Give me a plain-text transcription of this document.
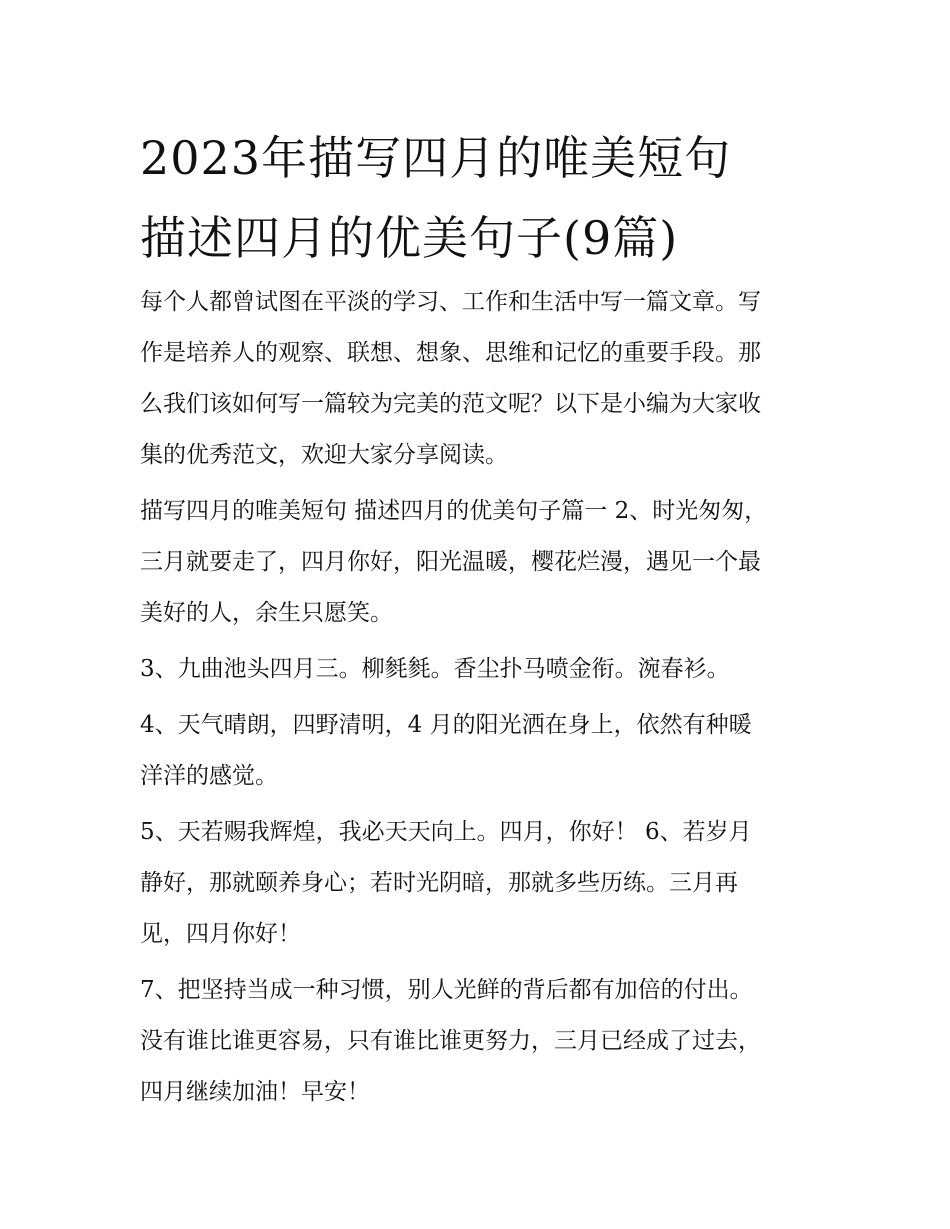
2023年描写四月的唯美短句
描述四月的优美句子(9篇)

每个人都曾试图在平淡的学习、工作和生活中写一篇文章。写
作是培养人的观察、联想、想象、思维和记忆的重要手段。那
么我们该如何写一篇较为完美的范文呢？以下是小编为大家收
集的优秀范文，欢迎大家分享阅读。

描写四月的唯美短句 描述四月的优美句子篇一 2、时光匆匆，
三月就要走了，四月你好，阳光温暖，樱花烂漫，遇见一个最
美好的人，余生只愿笑。

3、九曲池头四月三。柳毵毵。香尘扑马喷金衔。涴春衫。

4、天气晴朗，四野清明，4 月的阳光洒在身上，依然有种暖
洋洋的感觉。

5、天若赐我辉煌，我必天天向上。四月，你好！ 6、若岁月
静好，那就颐养身心；若时光阴暗，那就多些历练。三月再
见，四月你好！

7、把坚持当成一种习惯，别人光鲜的背后都有加倍的付出。
没有谁比谁更容易，只有谁比谁更努力，三月已经成了过去，
四月继续加油！早安！
